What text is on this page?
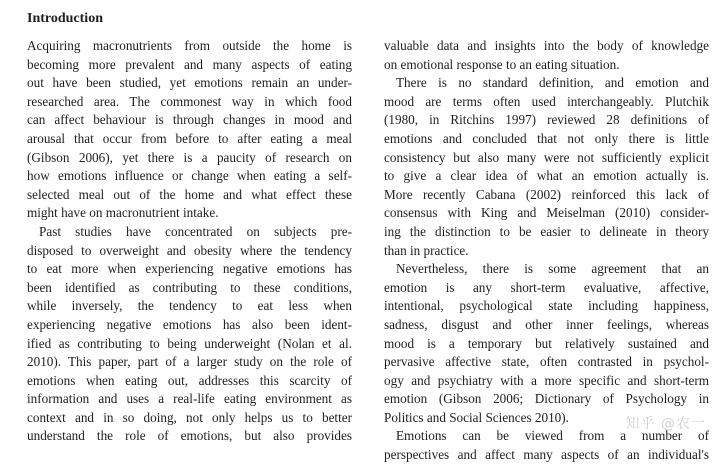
Introduction
Acquiring macronutrients from outside the home is
becoming more prevalent and many aspects of eating
out have been studied, yet emotions remain an under-
researched area. The commonest way in which food
can affect behaviour is through changes in mood and
arousal that occur from before to after eating a meal
(Gibson 2006), yet there is a paucity of research on
how emotions influence or change when eating a self-
selected meal out of the home and what effect these
might have on macronutrient intake.
Past studies have concentrated on subjects pre-
disposed to overweight and obesity where the tendency
to eat more when experiencing negative emotions has
been identified as contributing to these conditions,
while inversely, the tendency to eat less when
experiencing negative emotions has also been ident-
ified as contributing to being underweight (Nolan et al.
2010). This paper, part of a larger study on the role of
emotions when eating out, addresses this scarcity of
information and uses a real-life eating environment as
context and in so doing, not only helps us to better
understand the role of emotions, but also provides
valuable data and insights into the body of knowledge
on emotional response to an eating situation.
There is no standard definition, and emotion and
mood are terms often used interchangeably. Plutchik
(1980, in Ritchins 1997) reviewed 28 definitions of
emotions and concluded that not only there is little
consistency but also many were not sufficiently explicit
to give a clear idea of what an emotion actually is.
More recently Cabana (2002) reinforced this lack of
consensus with King and Meiselman (2010) consider-
ing the distinction to be easier to delineate in theory
than in practice.
Nevertheless, there is some agreement that an
emotion is any short-term evaluative, affective,
intentional, psychological state including happiness,
sadness, disgust and other inner feelings, whereas
mood is a temporary but relatively sustained and
pervasive affective state, often contrasted in psychol-
ogy and psychiatry with a more specific and short-term
emotion (Gibson 2006; Dictionary of Psychology in
Politics and Social Sciences 2010).
Emotions can be viewed from a number of
perspectives and affect many aspects of an individual's
知乎 @农一
